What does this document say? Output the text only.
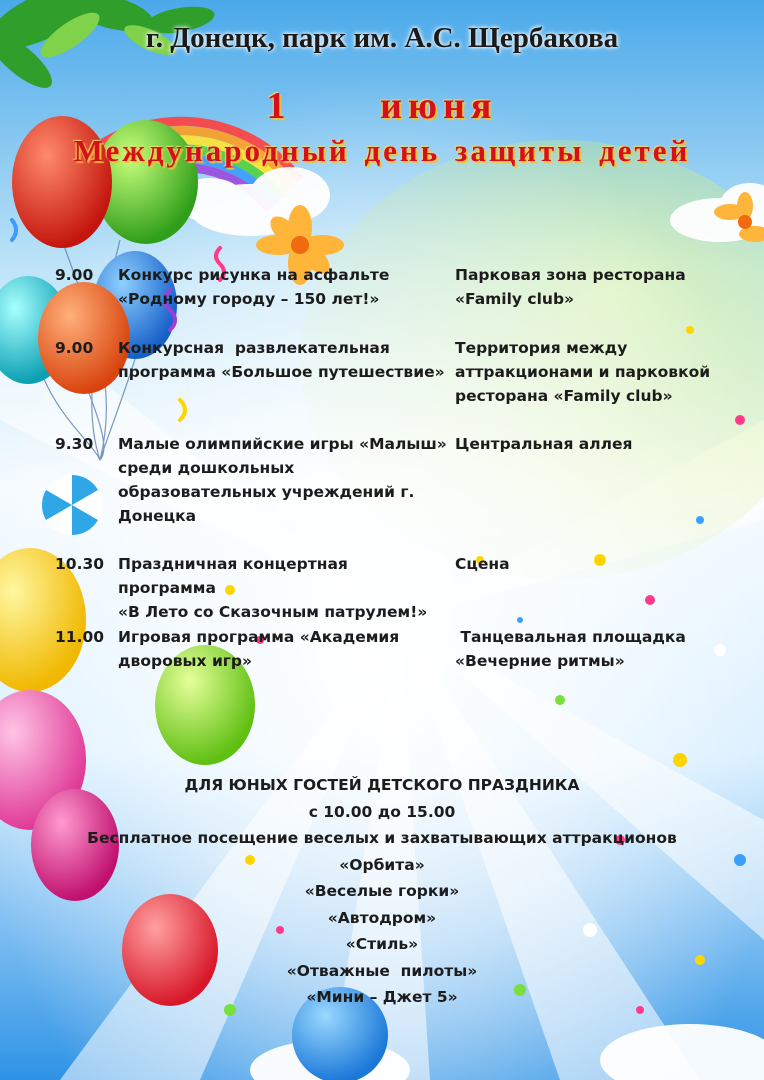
г. Донецк, парк им. А.С. Щербакова
1   июня
Международный день защиты детей
9.00 Конкурс рисунка на асфальте
«Родному городу – 150 лет!»
Парковая зона ресторана
«Family club»
9.00 Конкурсная  развлекательная
программа «Большое путешествие»
Территория между
аттракционами и парковкой
ресторана «Family club»
9.30 Малые олимпийские игры «Малыш»
среди дошкольных
образовательных учреждений г.
Донецка
Центральная аллея
10.30 Праздничная концертная программа
«В Лето со Сказочным патрулем!»
Сцена
11.00 Игровая программа «Академия
дворовых игр»
Танцевальная площадка
«Вечерние ритмы»
ДЛЯ ЮНЫХ ГОСТЕЙ ДЕТСКОГО ПРАЗДНИКА
с 10.00 до 15.00
Бесплатное посещение веселых и захватывающих аттракционов
«Орбита»
«Веселые горки»
«Автодром»
«Стиль»
«Отважные  пилоты»
«Мини – Джет 5»
